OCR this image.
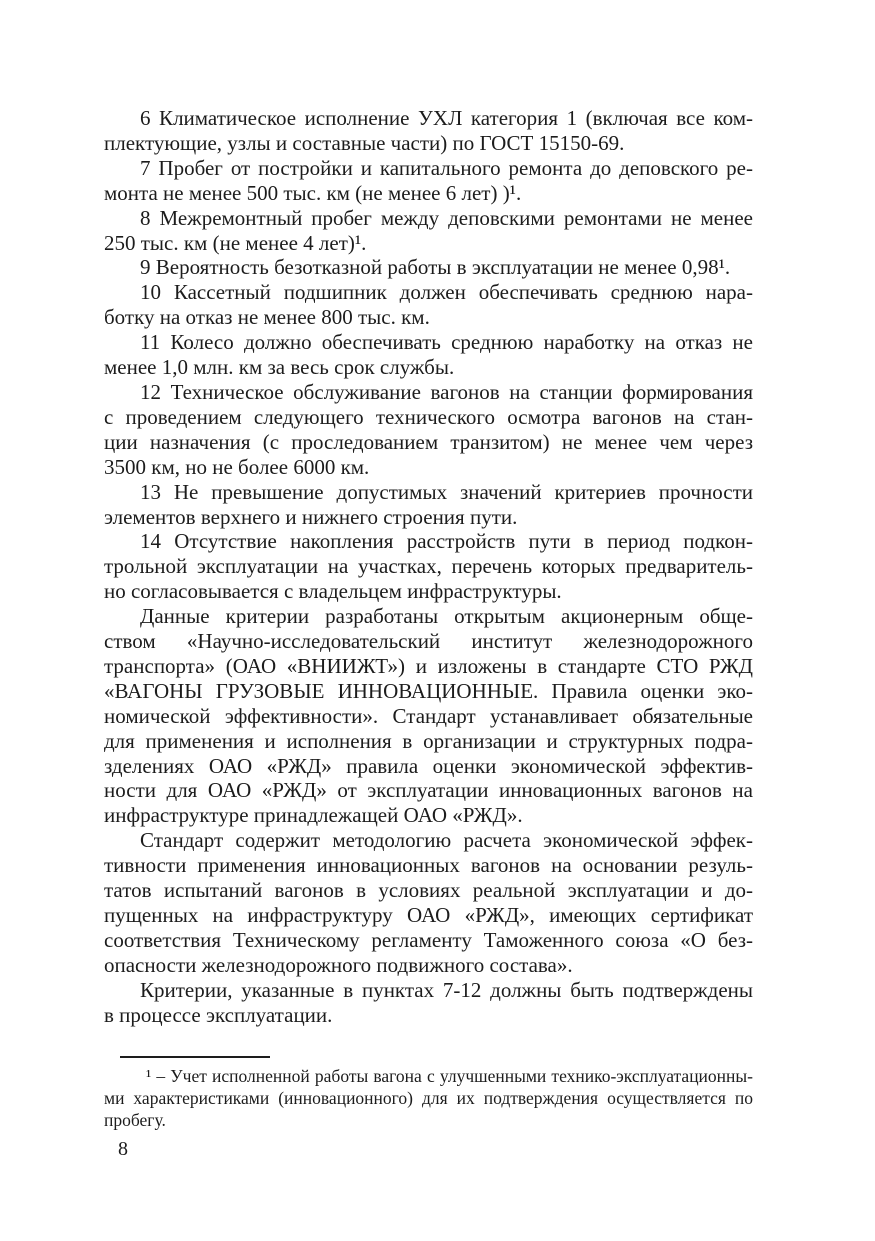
6 Климатическое исполнение УХЛ категория 1 (включая все ком-
плектующие, узлы и составные части) по ГОСТ 15150-69.

7 Пробег от постройки и капитального ремонта до деповского ре-
монта не менее 500 тыс. км (не менее 6 лет) )¹.

8 Межремонтный пробег между деповскими ремонтами не менее
250 тыс. км (не менее 4 лет)¹.

9 Вероятность безотказной работы в эксплуатации не менее 0,98¹.

10 Кассетный подшипник должен обеспечивать среднюю нара-
ботку на отказ не менее 800 тыс. км.

11 Колесо должно обеспечивать среднюю наработку на отказ не
менее 1,0 млн. км за весь срок службы.

12 Техническое обслуживание вагонов на станции формирования
с проведением следующего технического осмотра вагонов на стан-
ции назначения (с проследованием транзитом) не менее чем через
3500 км, но не более 6000 км.

13 Не превышение допустимых значений критериев прочности
элементов верхнего и нижнего строения пути.

14 Отсутствие накопления расстройств пути в период подкон-
трольной эксплуатации на участках, перечень которых предваритель-
но согласовывается с владельцем инфраструктуры.

Данные критерии разработаны открытым акционерным обще-
ством «Научно-исследовательский институт железнодорожного
транспорта» (ОАО «ВНИИЖТ») и изложены в стандарте СТО РЖД
«ВАГОНЫ ГРУЗОВЫЕ ИННОВАЦИОННЫЕ. Правила оценки эко-
номической эффективности». Стандарт устанавливает обязательные
для применения и исполнения в организации и структурных подра-
зделениях ОАО «РЖД» правила оценки экономической эффектив-
ности для ОАО «РЖД» от эксплуатации инновационных вагонов на
инфраструктуре принадлежащей ОАО «РЖД».

Стандарт содержит методологию расчета экономической эффек-
тивности применения инновационных вагонов на основании резуль-
татов испытаний вагонов в условиях реальной эксплуатации и до-
пущенных на инфраструктуру ОАО «РЖД», имеющих сертификат
соответствия Техническому регламенту Таможенного союза «О без-
опасности железнодорожного подвижного состава».

Критерии, указанные в пунктах 7-12 должны быть подтверждены
в процессе эксплуатации.

¹ – Учет исполненной работы вагона с улучшенными технико-эксплуатационны-
ми характеристиками (инновационного) для их подтверждения осуществляется по
пробегу.
8
